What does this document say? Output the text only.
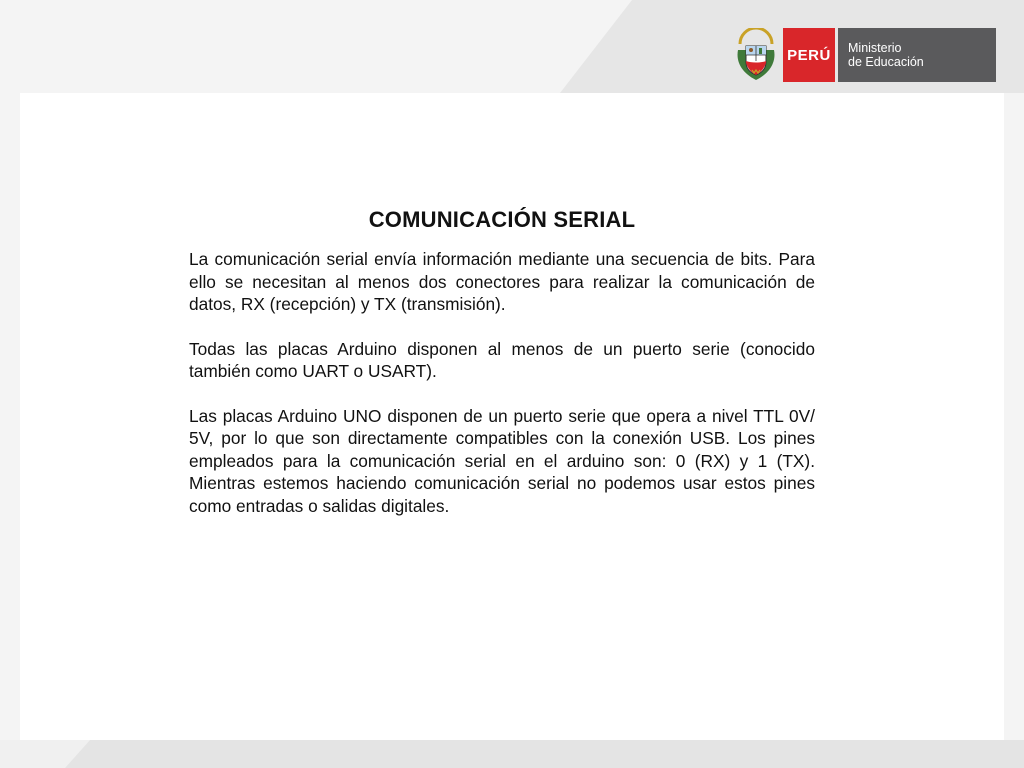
PERÚ	Ministerio
de Educación
COMUNICACIÓN SERIAL

La comunicación serial envía información mediante una secuencia de bits. Para ello se necesitan al menos dos conectores para realizar la comunicación de datos, RX (recepción) y TX (transmisión).

Todas las placas Arduino disponen al menos de un puerto serie (conocido también como UART o USART).

Las placas Arduino UNO disponen de un puerto serie que opera a nivel TTL 0V/ 5V, por lo que son directamente compatibles con la conexión USB. Los pines empleados para la comunicación serial en el arduino son: 0 (RX) y 1 (TX). Mientras estemos haciendo comunicación serial no podemos usar estos pines como entradas o salidas digitales.
